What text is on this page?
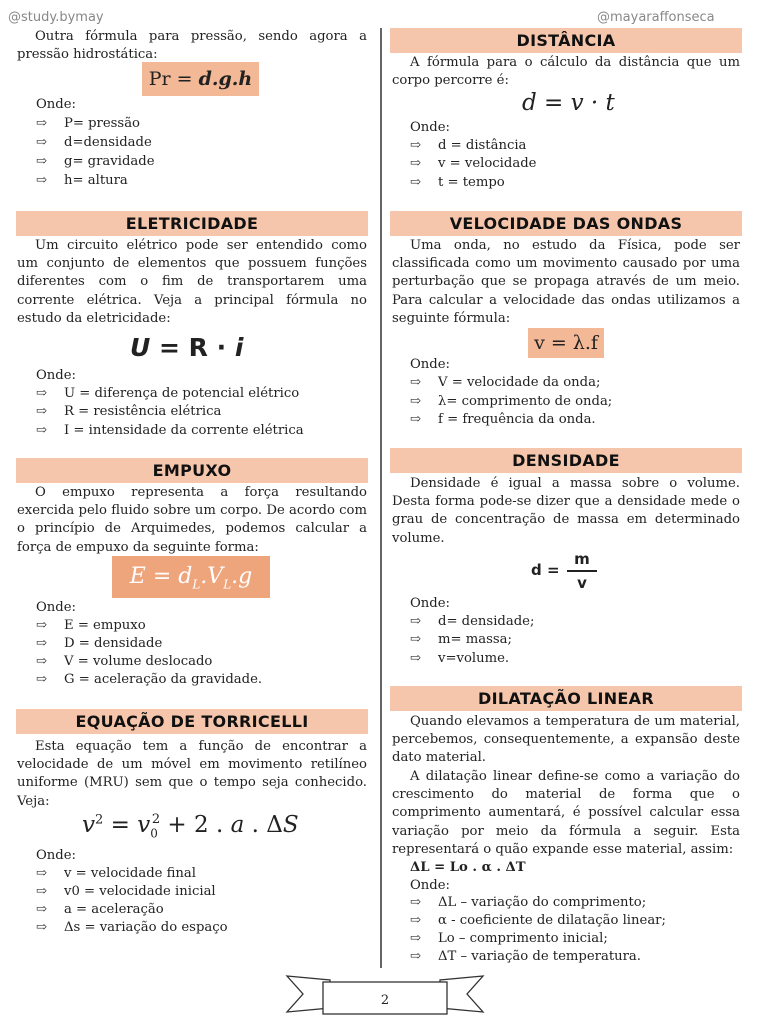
@study.bymay	@mayaraffonseca
Outra fórmula para pressão, sendo agora a pressão hidrostática:
Pr = d.g.h
Onde:
⇨ P= pressão
⇨ d=densidade
⇨ g= gravidade
⇨ h= altura
ELETRICIDADE
Um circuito elétrico pode ser entendido como um conjunto de elementos que possuem funções diferentes com o fim de transportarem uma corrente elétrica. Veja a principal fórmula no estudo da eletricidade:
U = R · i
Onde:
⇨ U = diferença de potencial elétrico
⇨ R = resistência elétrica
⇨ I = intensidade da corrente elétrica
EMPUXO
O empuxo representa a força resultando exercida pelo fluido sobre um corpo. De acordo com o princípio de Arquimedes, podemos calcular a força de empuxo da seguinte forma:
$E = d_L.V_L.g$
Onde:
⇨ E = empuxo
⇨ D = densidade
⇨ V = volume deslocado
⇨ G = aceleração da gravidade.
EQUAÇÃO DE TORRICELLI
Esta equação tem a função de encontrar a velocidade de um móvel em movimento retilíneo uniforme (MRU) sem que o tempo seja conhecido. Veja:
$v^2 = v_0^2 + 2$ . a . ΔS
Onde:
⇨ v = velocidade final
⇨ v0 = velocidade inicial
⇨ a = aceleração
⇨ Δs = variação do espaço
DISTÂNCIA
A fórmula para o cálculo da distância que um corpo percorre é:
d = v · t
Onde:
⇨ d = distância
⇨ v = velocidade
⇨ t = tempo
VELOCIDADE DAS ONDAS
Uma onda, no estudo da Física, pode ser classificada como um movimento causado por uma perturbação que se propaga através de um meio. Para calcular a velocidade das ondas utilizamos a seguinte fórmula:
v = λ.f
Onde:
⇨ V = velocidade da onda;
⇨ λ= comprimento de onda;
⇨ f = frequência da onda.
DENSIDADE
Densidade é igual a massa sobre o volume. Desta forma pode-se dizer que a densidade mede o grau de concentração de massa em determinado volume.
d =
m
v
Onde:
⇨ d= densidade;
⇨ m= massa;
⇨ v=volume.
DILATAÇÃO LINEAR
Quando elevamos a temperatura de um material, percebemos, consequentemente, a expansão deste dato material.
A dilatação linear define-se como a variação do crescimento do material de forma que o comprimento aumentará, é possível calcular essa variação por meio da fórmula a seguir. Esta representará o quão expande esse material, assim:
ΔL = Lo . α . ΔT
Onde:
⇨ ΔL – variação do comprimento;
⇨ α - coeficiente de dilatação linear;
⇨ Lo – comprimento inicial;
⇨ ΔT – variação de temperatura.
2
